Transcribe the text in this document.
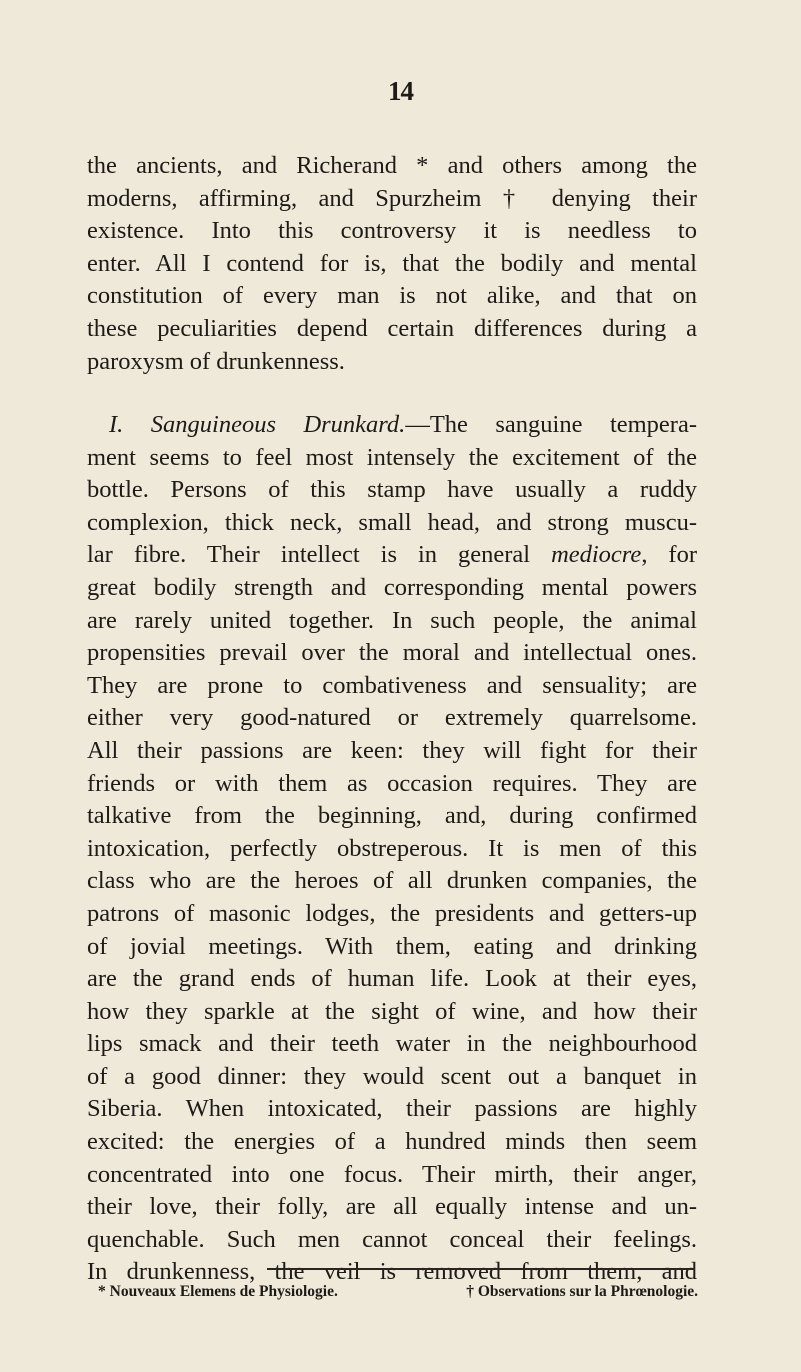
14
the ancients, and Richerand * and others among the
moderns, affirming, and Spurzheim † denying their
existence. Into this controversy it is needless to
enter. All I contend for is, that the bodily and mental
constitution of every man is not alike, and that on
these peculiarities depend certain differences during a
paroxysm of drunkenness.
I. Sanguineous Drunkard.—The sanguine tempera-
ment seems to feel most intensely the excitement of the
bottle. Persons of this stamp have usually a ruddy
complexion, thick neck, small head, and strong muscu-
lar fibre. Their intellect is in general mediocre, for
great bodily strength and corresponding mental powers
are rarely united together. In such people, the animal
propensities prevail over the moral and intellectual ones.
They are prone to combativeness and sensuality; are
either very good-natured or extremely quarrelsome.
All their passions are keen: they will fight for their
friends or with them as occasion requires. They are
talkative from the beginning, and, during confirmed
intoxication, perfectly obstreperous. It is men of this
class who are the heroes of all drunken companies, the
patrons of masonic lodges, the presidents and getters-up
of jovial meetings. With them, eating and drinking
are the grand ends of human life. Look at their eyes,
how they sparkle at the sight of wine, and how their
lips smack and their teeth water in the neighbourhood
of a good dinner: they would scent out a banquet in
Siberia. When intoxicated, their passions are highly
excited: the energies of a hundred minds then seem
concentrated into one focus. Their mirth, their anger,
their love, their folly, are all equally intense and un-
quenchable. Such men cannot conceal their feelings.
In drunkenness, the veil is removed from them, and
* Nouveaux Elemens de Physiologie.	† Observations sur la Phrœnologie.
